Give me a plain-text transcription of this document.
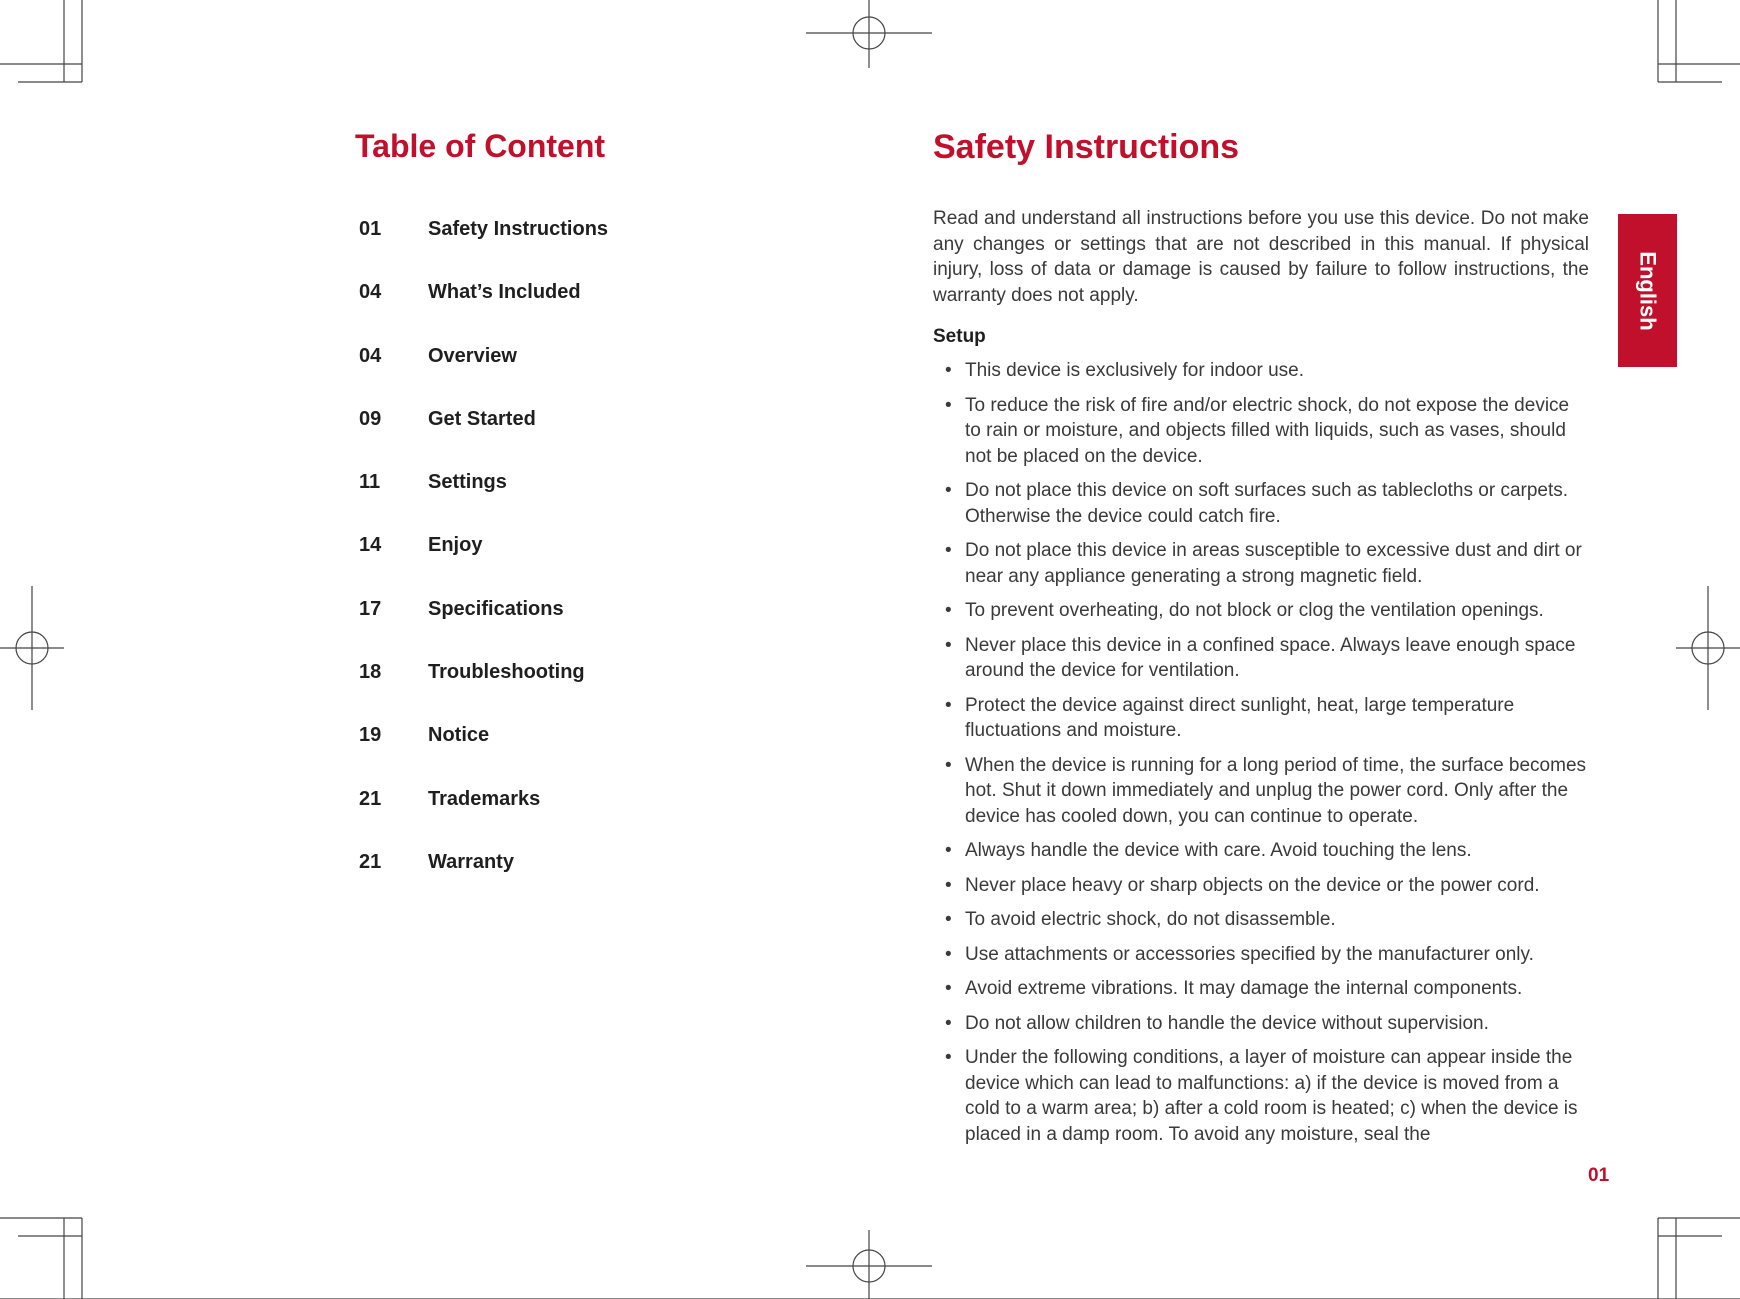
Table of Content
01	Safety Instructions
04	What’s Included
04	Overview
09	Get Started
11	Settings
14	Enjoy
17	Specifications
18	Troubleshooting
19	Notice
21	Trademarks
21	Warranty
Safety Instructions

Read and understand all instructions before you use this device. Do not make any changes or settings that are not described in this manual. If physical injury, loss of data or damage is caused by failure to follow instructions, the warranty does not apply.

Setup
• This device is exclusively for indoor use.
• To reduce the risk of fire and/or electric shock, do not expose the device to rain or moisture, and objects filled with liquids, such as vases, should not be placed on the device.
• Do not place this device on soft surfaces such as tablecloths or carpets. Otherwise the device could catch fire.
• Do not place this device in areas susceptible to excessive dust and dirt or near any appliance generating a strong magnetic field.
• To prevent overheating, do not block or clog the ventilation openings.
• Never place this device in a confined space. Always leave enough space around the device for ventilation.
• Protect the device against direct sunlight, heat, large temperature fluctuations and moisture.
• When the device is running for a long period of time, the surface becomes hot. Shut it down immediately and unplug the power cord. Only after the device has cooled down, you can continue to operate.
• Always handle the device with care. Avoid touching the lens.
• Never place heavy or sharp objects on the device or the power cord.
• To avoid electric shock, do not disassemble.
• Use attachments or accessories specified by the manufacturer only.
• Avoid extreme vibrations. It may damage the internal components.
• Do not allow children to handle the device without supervision.
• Under the following conditions, a layer of moisture can appear inside the device which can lead to malfunctions: a) if the device is moved from a cold to a warm area; b) after a cold room is heated; c) when the device is placed in a damp room. To avoid any moisture, seal the
English
01
